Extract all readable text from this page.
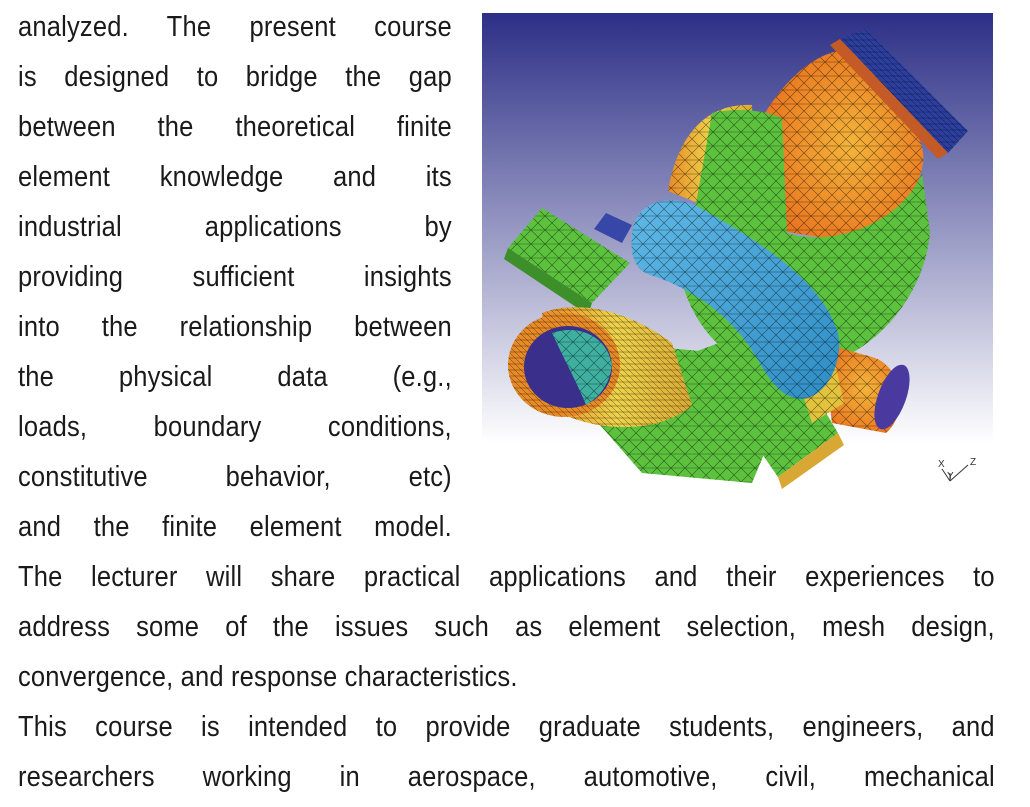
analyzed. The present course

is designed to bridge the gap

between the theoretical finite

element knowledge and its

industrial applications by

providing sufficient insights

into the relationship between

the physical data (e.g.,

loads, boundary conditions,

constitutive behavior, etc)

and the finite element model.

The lecturer will share practical applications and their experiences to

address some of the issues such as element selection, mesh design,

convergence, and response characteristics.

This course is intended to provide graduate students, engineers, and

researchers working in aerospace, automotive, civil, mechanical

X
Y
Z
